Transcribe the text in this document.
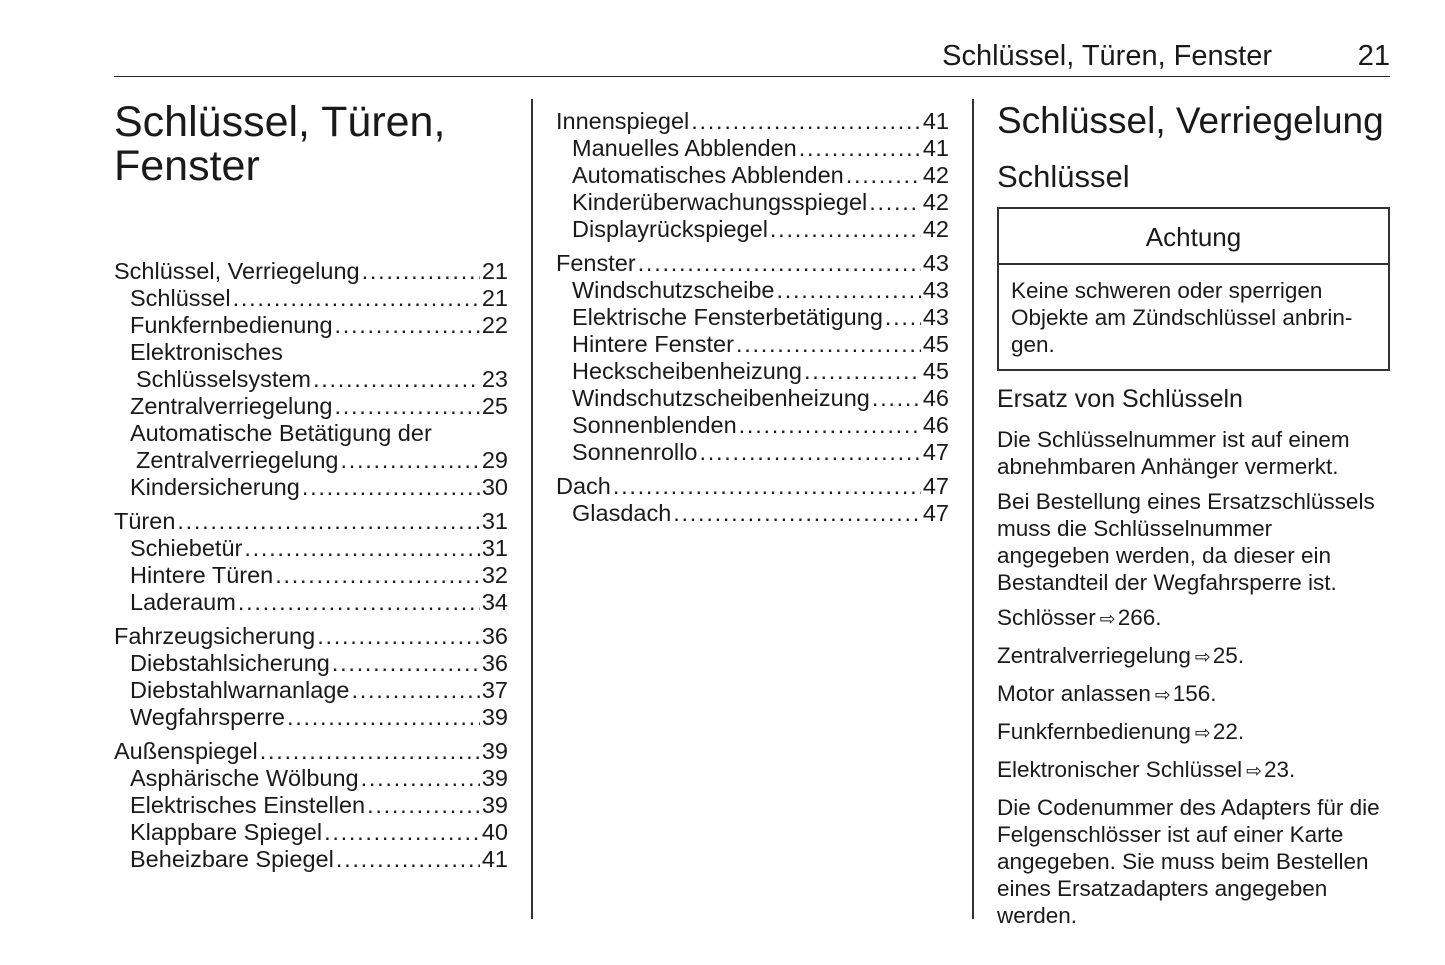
Schlüssel, Türen, Fenster	21
Schlüssel, Türen, Fenster
Schlüssel, Verriegelung . . .	21
Schlüssel . . .	21
Funkfernbedienung . . .	22
Elektronisches
Schlüsselsystem . . .	23
Zentralverriegelung . . .	25
Automatische Betätigung der
Zentralverriegelung . . .	29
Kindersicherung . . .	30
Türen . . .	31
Schiebetür . . .	31
Hintere Türen . . .	32
Laderaum . . .	34
Fahrzeugsicherung . . .	36
Diebstahlsicherung . . .	36
Diebstahlwarnanlage . . .	37
Wegfahrsperre . . .	39
Außenspiegel . . .	39
Asphärische Wölbung . . .	39
Elektrisches Einstellen . . .	39
Klappbare Spiegel . . .	40
Beheizbare Spiegel . . .	41
Innenspiegel . . .	41
Manuelles Abblenden . . .	41
Automatisches Abblenden . . .	42
Kinderüberwachungsspiegel . . . 42
Displayrückspiegel . . .	42
Fenster . . .	43
Windschutzscheibe . . .	43
Elektrische Fensterbetätigung . . . 43
Hintere Fenster . . .	45
Heckscheibenheizung . . .	45
Windschutzscheibenheizung . . . 46
Sonnenblenden . . .	46
Sonnenrollo . . .	47
Dach . . .	47
Glasdach . . .	47
Schlüssel, Verriegelung
Schlüssel
Achtung
Keine schweren oder sperrigen Objekte am Zündschlüssel anbringen.
Ersatz von Schlüsseln

Die Schlüsselnummer ist auf einem abnehmbaren Anhänger vermerkt.

Bei Bestellung eines Ersatzschlüssels muss die Schlüsselnummer angegeben werden, da dieser ein Bestandteil der Wegfahrsperre ist.

Schlösser ⇨266.
Zentralverriegelung ⇨25.
Motor anlassen ⇨156.
Funkfernbedienung ⇨22.
Elektronischer Schlüssel ⇨23.

Die Codenummer des Adapters für die Felgenschlösser ist auf einer Karte angegeben. Sie muss beim Bestellen eines Ersatzadapters angegeben werden.
